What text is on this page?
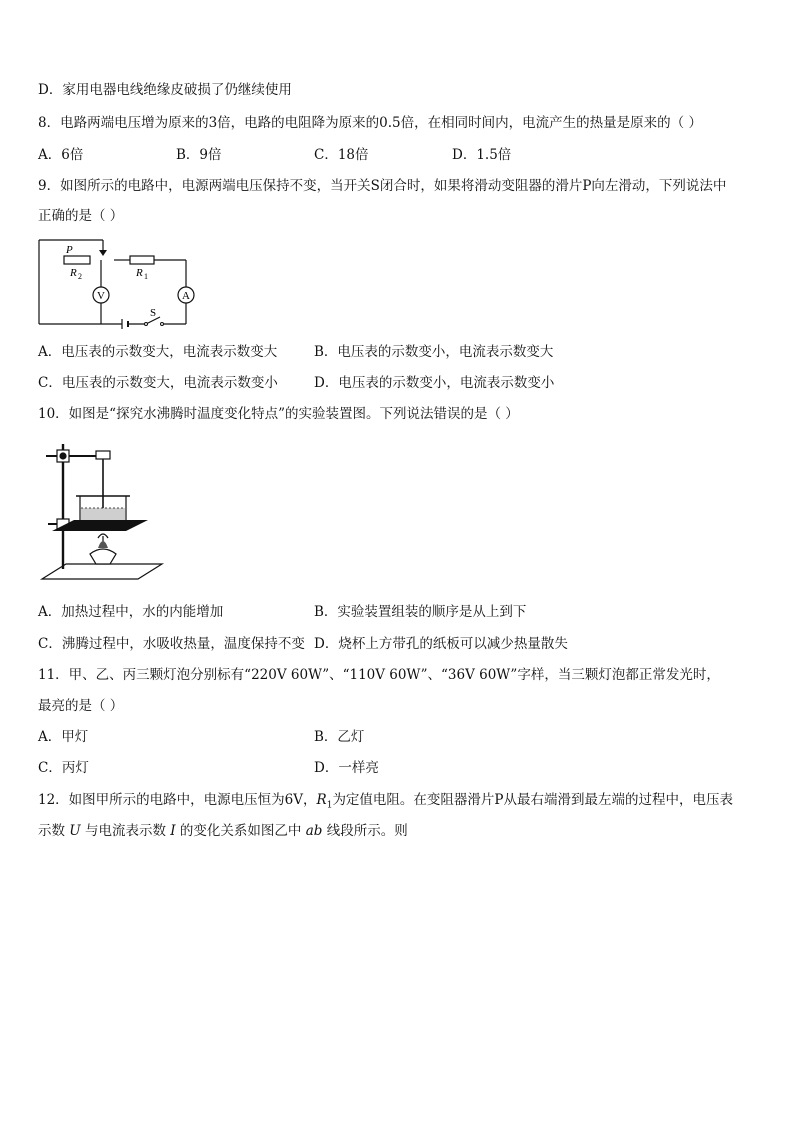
D．家用电器电线绝缘皮破损了仍继续使用
8．电路两端电压增为原来的3倍，电路的电阻降为原来的0.5倍，在相同时间内，电流产生的热量是原来的（ ）
A．6倍	B．9倍	C．18倍	D．1.5倍
9．如图所示的电路中，电源两端电压保持不变，当开关S闭合时，如果将滑动变阻器的滑片P向左滑动，下列说法中
正确的是（ ）
V	A
P
R 2	R 1
S
A．电压表的示数变大，电流表示数变大	B．电压表的示数变小，电流表示数变大
C．电压表的示数变大，电流表示数变小	D．电压表的示数变小，电流表示数变小
10．如图是“探究水沸腾时温度变化特点”的实验装置图。下列说法错误的是（ ）
A．加热过程中，水的内能增加	B．实验装置组装的顺序是从上到下
C．沸腾过程中，水吸收热量，温度保持不变 D．烧杯上方带孔的纸板可以减少热量散失
11．甲、乙、丙三颗灯泡分别标有“220V 60W”、“110V 60W”、“36V 60W”字样，当三颗灯泡都正常发光时，
最亮的是（ ）
A．甲灯	B．乙灯
C．丙灯	D．一样亮
12．如图甲所示的电路中，电源电压恒为6V，$R_1$为定值电阻。在变阻器滑片P从最右端滑到最左端的过程中，电压表
示数 U 与电流表示数 I 的变化关系如图乙中 ab 线段所示。则
